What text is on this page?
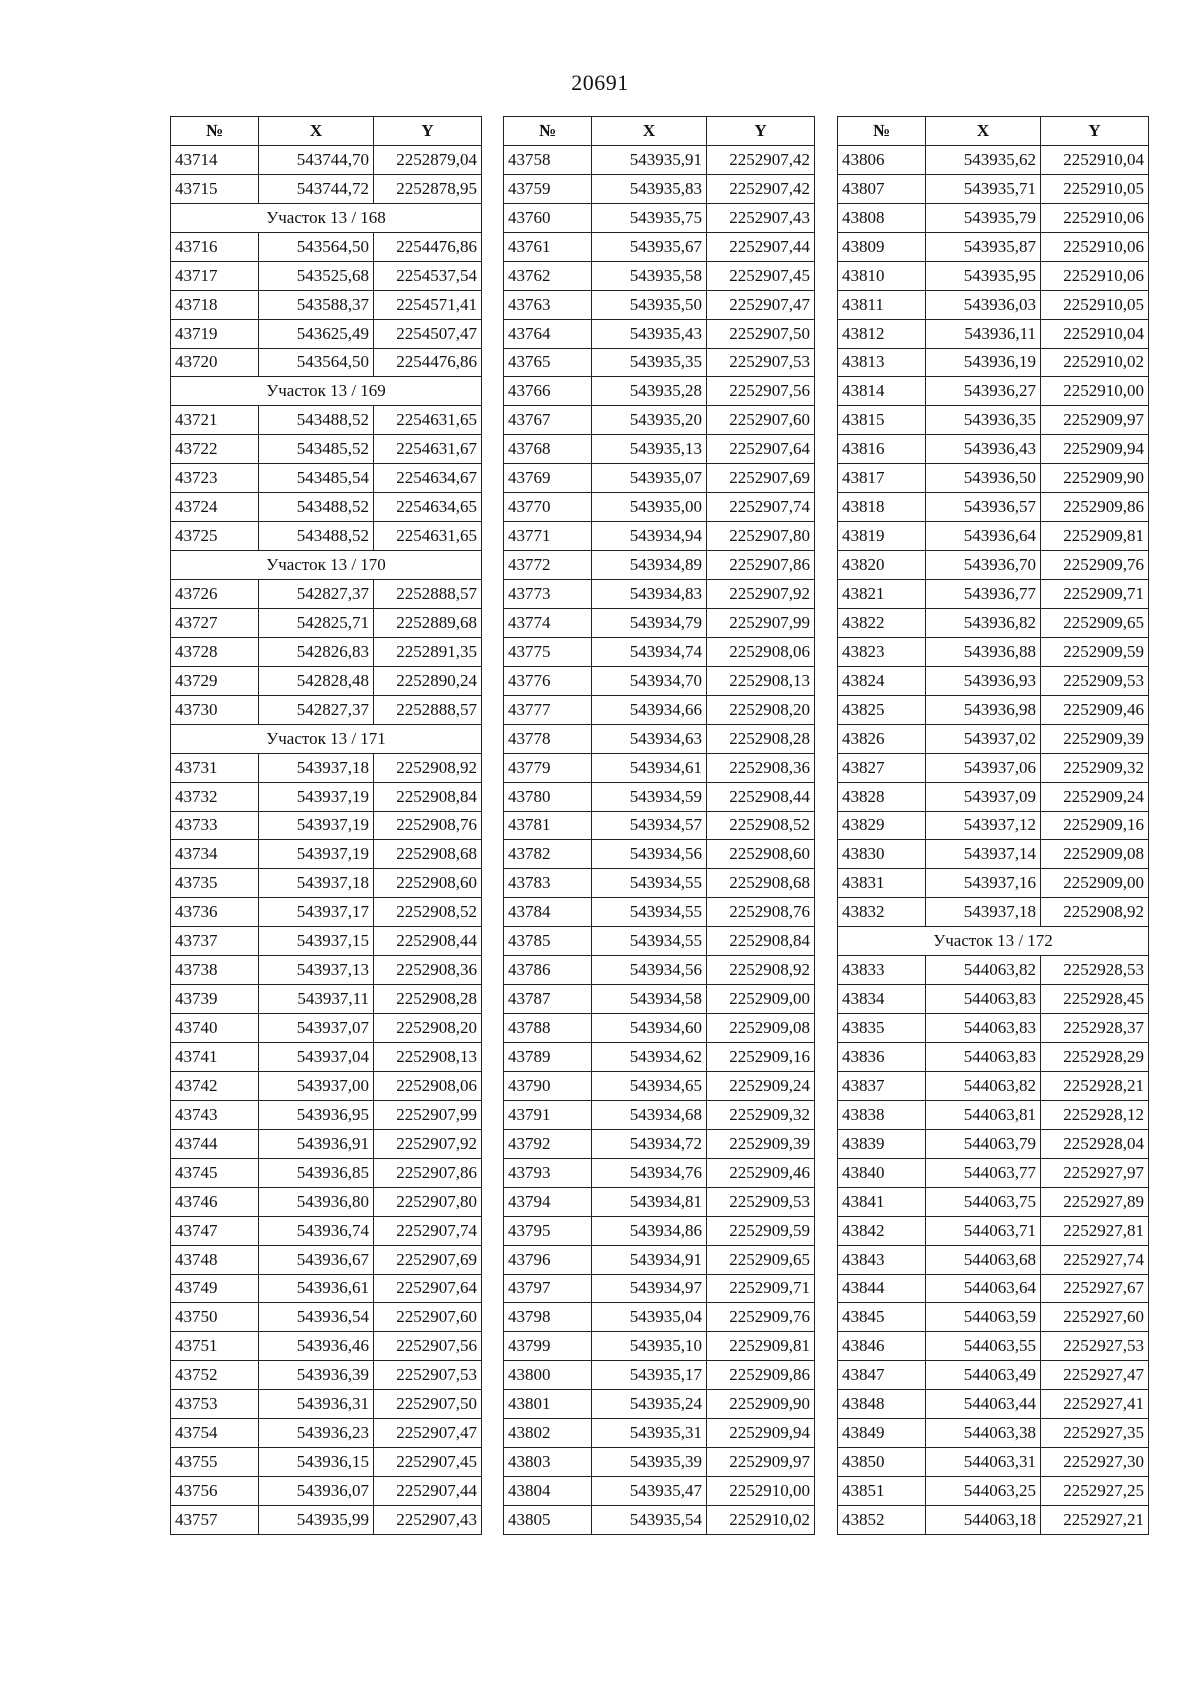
20691
№	X	Y
43714	543744,70	2252879,04
43715	543744,72	2252878,95
Участок 13 / 168		
43716	543564,50	2254476,86
43717	543525,68	2254537,54
43718	543588,37	2254571,41
43719	543625,49	2254507,47
43720	543564,50	2254476,86
Участок 13 / 169		
43721	543488,52	2254631,65
43722	543485,52	2254631,67
43723	543485,54	2254634,67
43724	543488,52	2254634,65
43725	543488,52	2254631,65
Участок 13 / 170		
43726	542827,37	2252888,57
43727	542825,71	2252889,68
43728	542826,83	2252891,35
43729	542828,48	2252890,24
43730	542827,37	2252888,57
Участок 13 / 171		
43731	543937,18	2252908,92
43732	543937,19	2252908,84
43733	543937,19	2252908,76
43734	543937,19	2252908,68
43735	543937,18	2252908,60
43736	543937,17	2252908,52
43737	543937,15	2252908,44
43738	543937,13	2252908,36
43739	543937,11	2252908,28
43740	543937,07	2252908,20
43741	543937,04	2252908,13
43742	543937,00	2252908,06
43743	543936,95	2252907,99
43744	543936,91	2252907,92
43745	543936,85	2252907,86
43746	543936,80	2252907,80
43747	543936,74	2252907,74
43748	543936,67	2252907,69
43749	543936,61	2252907,64
43750	543936,54	2252907,60
43751	543936,46	2252907,56
43752	543936,39	2252907,53
43753	543936,31	2252907,50
43754	543936,23	2252907,47
43755	543936,15	2252907,45
43756	543936,07	2252907,44
43757	543935,99	2252907,43
№	X	Y
43758	543935,91	2252907,42
43759	543935,83	2252907,42
43760	543935,75	2252907,43
43761	543935,67	2252907,44
43762	543935,58	2252907,45
43763	543935,50	2252907,47
43764	543935,43	2252907,50
43765	543935,35	2252907,53
43766	543935,28	2252907,56
43767	543935,20	2252907,60
43768	543935,13	2252907,64
43769	543935,07	2252907,69
43770	543935,00	2252907,74
43771	543934,94	2252907,80
43772	543934,89	2252907,86
43773	543934,83	2252907,92
43774	543934,79	2252907,99
43775	543934,74	2252908,06
43776	543934,70	2252908,13
43777	543934,66	2252908,20
43778	543934,63	2252908,28
43779	543934,61	2252908,36
43780	543934,59	2252908,44
43781	543934,57	2252908,52
43782	543934,56	2252908,60
43783	543934,55	2252908,68
43784	543934,55	2252908,76
43785	543934,55	2252908,84
43786	543934,56	2252908,92
43787	543934,58	2252909,00
43788	543934,60	2252909,08
43789	543934,62	2252909,16
43790	543934,65	2252909,24
43791	543934,68	2252909,32
43792	543934,72	2252909,39
43793	543934,76	2252909,46
43794	543934,81	2252909,53
43795	543934,86	2252909,59
43796	543934,91	2252909,65
43797	543934,97	2252909,71
43798	543935,04	2252909,76
43799	543935,10	2252909,81
43800	543935,17	2252909,86
43801	543935,24	2252909,90
43802	543935,31	2252909,94
43803	543935,39	2252909,97
43804	543935,47	2252910,00
43805	543935,54	2252910,02
№	X	Y
43806	543935,62	2252910,04
43807	543935,71	2252910,05
43808	543935,79	2252910,06
43809	543935,87	2252910,06
43810	543935,95	2252910,06
43811	543936,03	2252910,05
43812	543936,11	2252910,04
43813	543936,19	2252910,02
43814	543936,27	2252910,00
43815	543936,35	2252909,97
43816	543936,43	2252909,94
43817	543936,50	2252909,90
43818	543936,57	2252909,86
43819	543936,64	2252909,81
43820	543936,70	2252909,76
43821	543936,77	2252909,71
43822	543936,82	2252909,65
43823	543936,88	2252909,59
43824	543936,93	2252909,53
43825	543936,98	2252909,46
43826	543937,02	2252909,39
43827	543937,06	2252909,32
43828	543937,09	2252909,24
43829	543937,12	2252909,16
43830	543937,14	2252909,08
43831	543937,16	2252909,00
43832	543937,18	2252908,92
Участок 13 / 172		
43833	544063,82	2252928,53
43834	544063,83	2252928,45
43835	544063,83	2252928,37
43836	544063,83	2252928,29
43837	544063,82	2252928,21
43838	544063,81	2252928,12
43839	544063,79	2252928,04
43840	544063,77	2252927,97
43841	544063,75	2252927,89
43842	544063,71	2252927,81
43843	544063,68	2252927,74
43844	544063,64	2252927,67
43845	544063,59	2252927,60
43846	544063,55	2252927,53
43847	544063,49	2252927,47
43848	544063,44	2252927,41
43849	544063,38	2252927,35
43850	544063,31	2252927,30
43851	544063,25	2252927,25
43852	544063,18	2252927,21
